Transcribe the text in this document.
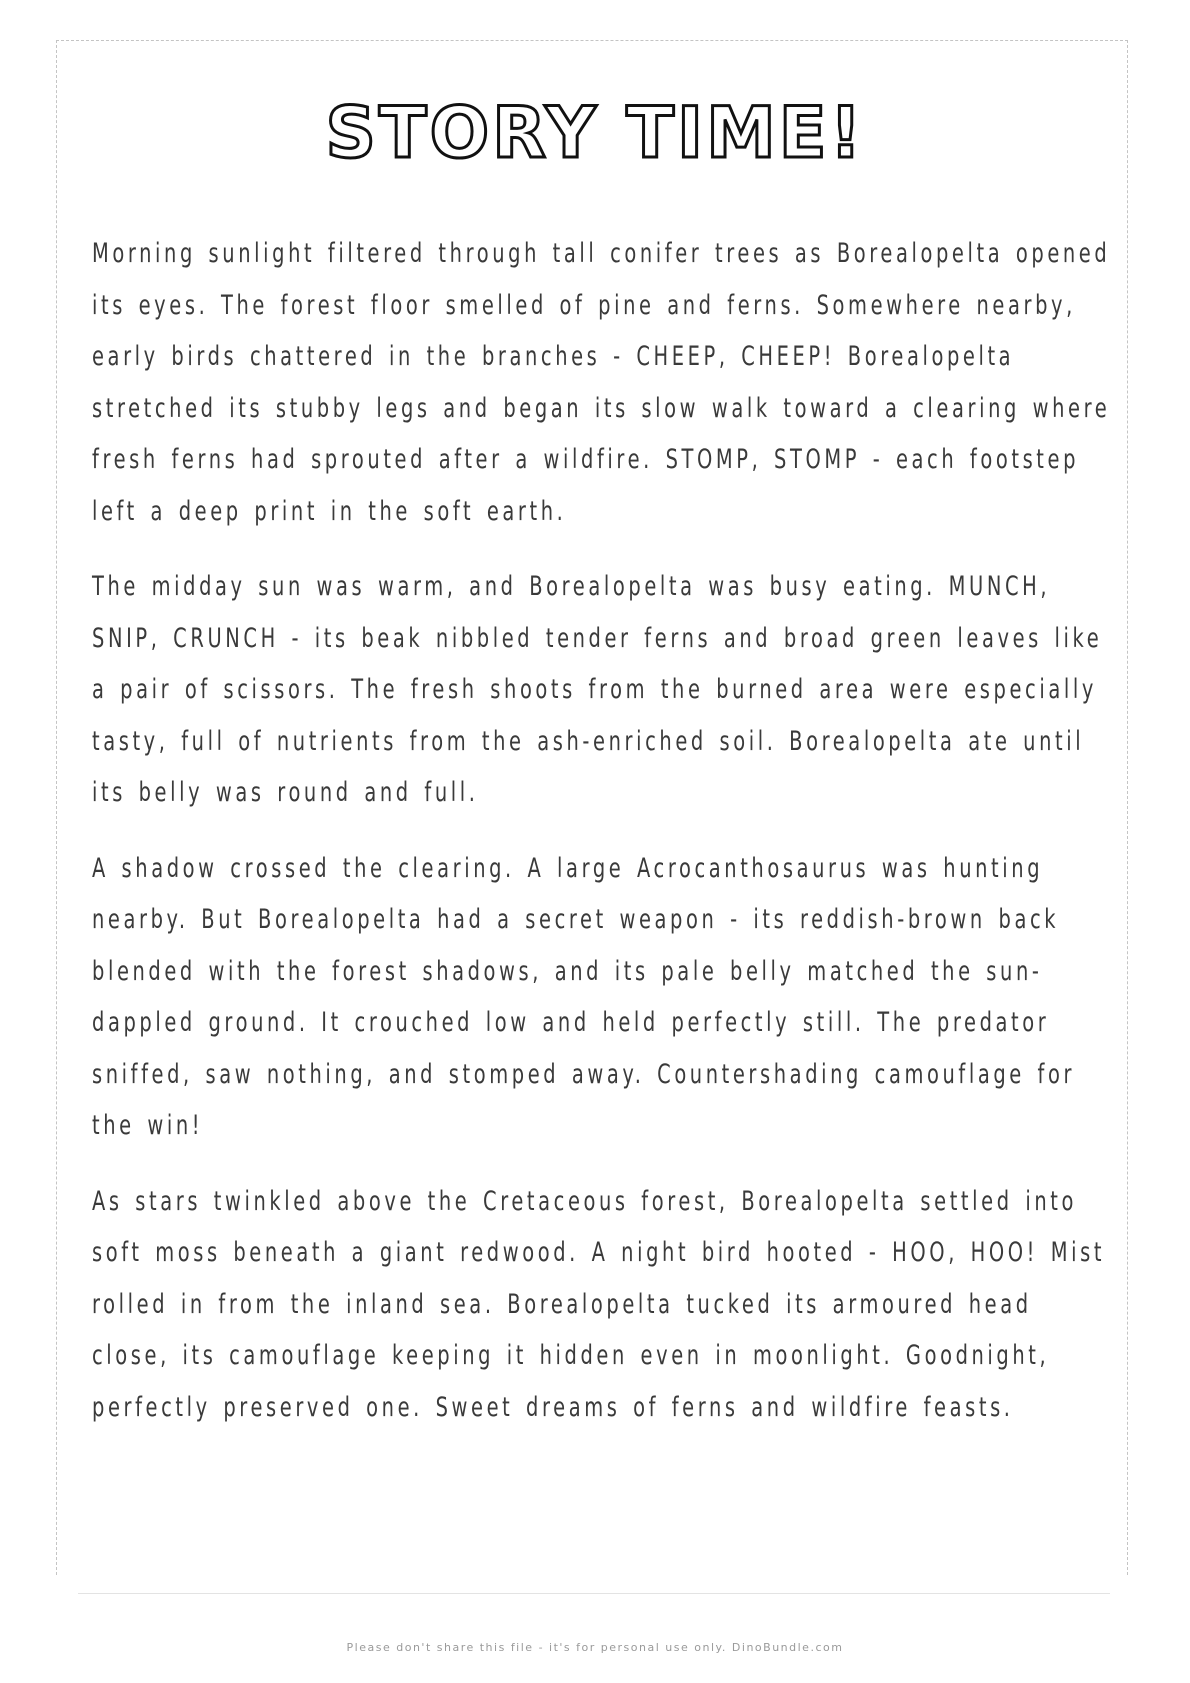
STORY TIME!

Morning sunlight filtered through tall conifer trees as Borealopelta opened its eyes. The forest floor smelled of pine and ferns. Somewhere nearby, early birds chattered in the branches - CHEEP, CHEEP! Borealopelta stretched its stubby legs and began its slow walk toward a clearing where fresh ferns had sprouted after a wildfire. STOMP, STOMP - each footstep left a deep print in the soft earth.

The midday sun was warm, and Borealopelta was busy eating. MUNCH, SNIP, CRUNCH - its beak nibbled tender ferns and broad green leaves like a pair of scissors. The fresh shoots from the burned area were especially tasty, full of nutrients from the ash-enriched soil. Borealopelta ate until its belly was round and full.

A shadow crossed the clearing. A large Acrocanthosaurus was hunting nearby. But Borealopelta had a secret weapon - its reddish-brown back blended with the forest shadows, and its pale belly matched the sun-dappled ground. It crouched low and held perfectly still. The predator sniffed, saw nothing, and stomped away. Countershading camouflage for the win!

As stars twinkled above the Cretaceous forest, Borealopelta settled into soft moss beneath a giant redwood. A night bird hooted - HOO, HOO! Mist rolled in from the inland sea. Borealopelta tucked its armoured head close, its camouflage keeping it hidden even in moonlight. Goodnight, perfectly preserved one. Sweet dreams of ferns and wildfire feasts.

Please don't share this file - it's for personal use only. DinoBundle.com
